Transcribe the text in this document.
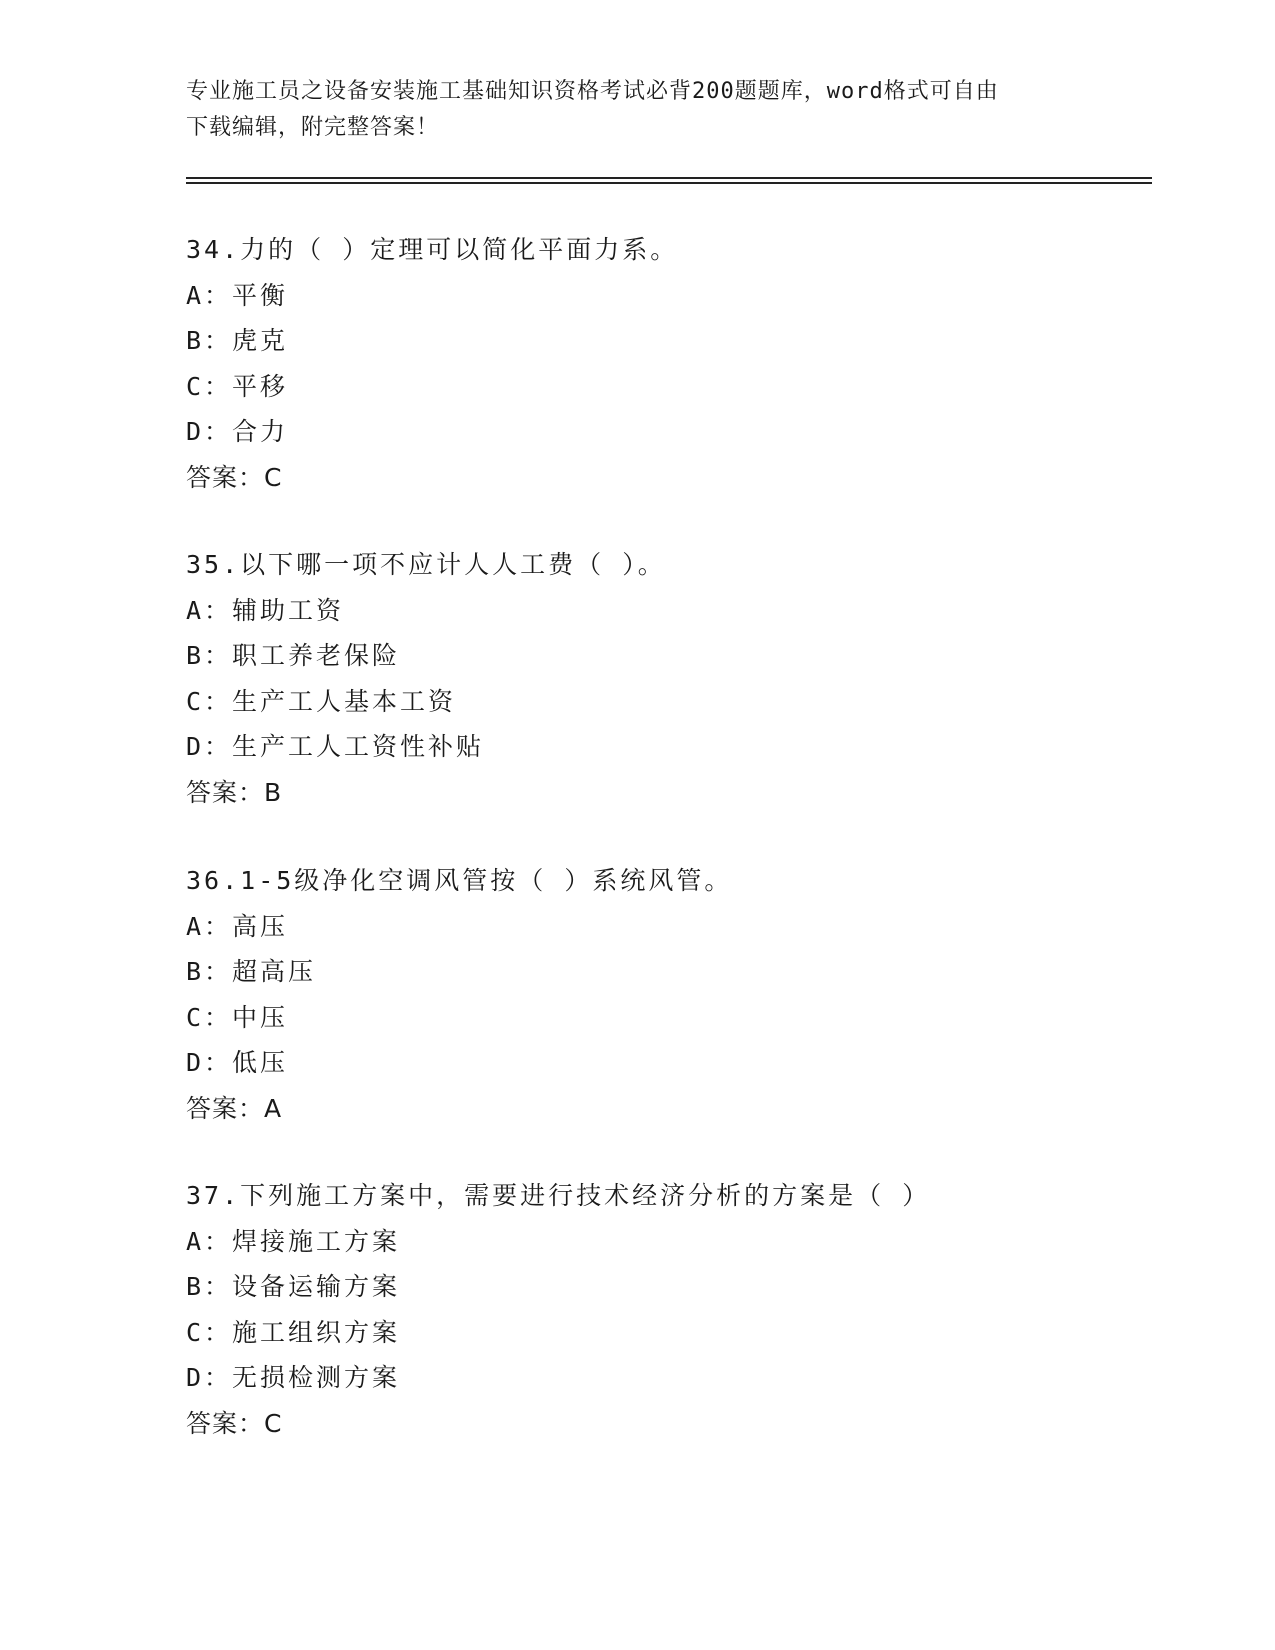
专业施工员之设备安装施工基础知识资格考试必背200题题库，word格式可自由
下载编辑，附完整答案！
34.力的（ ）定理可以简化平面力系。
A：平衡
B：虎克
C：平移
D：合力
答案：C
35.以下哪一项不应计人人工费（ ）。
A：辅助工资
B：职工养老保险
C：生产工人基本工资
D：生产工人工资性补贴
答案：B
36.1-5级净化空调风管按（ ）系统风管。
A：高压
B：超高压
C：中压
D：低压
答案：A
37.下列施工方案中，需要进行技术经济分析的方案是（ ）
A：焊接施工方案
B：设备运输方案
C：施工组织方案
D：无损检测方案
答案：C
